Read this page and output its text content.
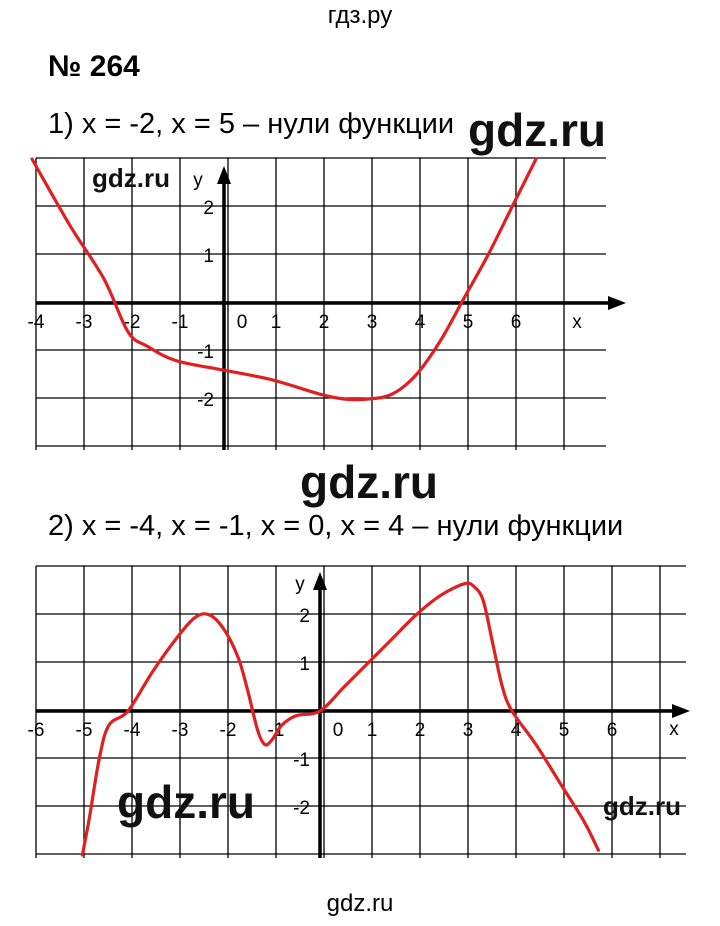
гдз.ру
№ 264
1) x = -2, x = 5 – нули функции
2) x = -4, x = -1, x = 0, x = 4 – нули функции
x
y
-4 -3 -2 -1	0 1 2 3 4 5 6
2
1
-1
-2
x
y
-6 -5 -4 -3 -2 -1	0 1 2 3 4 5 6
2
1
-1
-2
gdz.ru
gdz.ru
gdz.ru
gdz.ru
gdz.ru
gdz.ru
